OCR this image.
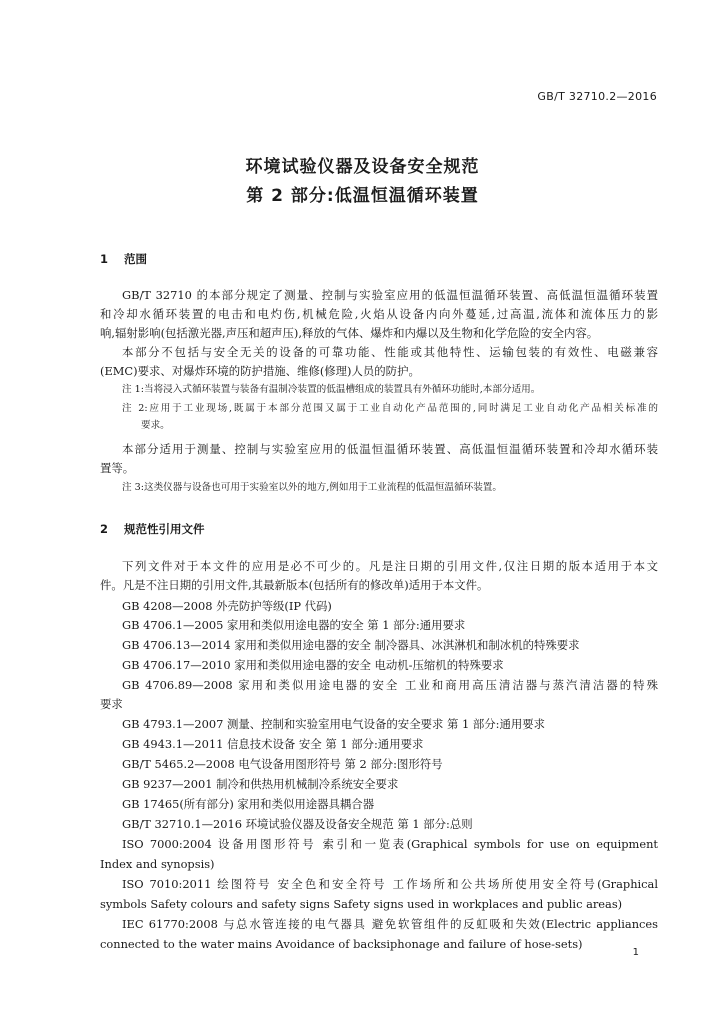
GB/T 32710.2—2016
环境试验仪器及设备安全规范
第 2 部分:低温恒温循环装置
1 范围
GB/T 32710 的本部分规定了测量、控制与实验室应用的低温恒温循环装置、高低温恒温循环装置
和冷却水循环装置的电击和电灼伤,机械危险,火焰从设备内向外蔓延,过高温,流体和流体压力的影
响,辐射影响(包括激光器,声压和超声压),释放的气体、爆炸和内爆以及生物和化学危险的安全内容。
本部分不包括与安全无关的设备的可靠功能、性能或其他特性、运输包装的有效性、电磁兼容
(EMC)要求、对爆炸环境的防护措施、维修(修理)人员的防护。
注 1:当将浸入式循环装置与装备有温制冷装置的低温槽组成的装置具有外循环功能时,本部分适用。
注 2:应用于工业现场,既属于本部分范围又属于工业自动化产品范围的,同时满足工业自动化产品相关标准的
要求。
本部分适用于测量、控制与实验室应用的低温恒温循环装置、高低温恒温循环装置和冷却水循环装
置等。
注 3:这类仪器与设备也可用于实验室以外的地方,例如用于工业流程的低温恒温循环装置。
2 规范性引用文件
下列文件对于本文件的应用是必不可少的。凡是注日期的引用文件,仅注日期的版本适用于本文
件。凡是不注日期的引用文件,其最新版本(包括所有的修改单)适用于本文件。
GB 4208—2008 外壳防护等级(IP 代码)
GB 4706.1—2005 家用和类似用途电器的安全 第 1 部分:通用要求
GB 4706.13—2014 家用和类似用途电器的安全 制冷器具、冰淇淋机和制冰机的特殊要求
GB 4706.17—2010 家用和类似用途电器的安全 电动机-压缩机的特殊要求
GB 4706.89—2008 家用和类似用途电器的安全 工业和商用高压清洁器与蒸汽清洁器的特殊
要求
GB 4793.1—2007 测量、控制和实验室用电气设备的安全要求 第 1 部分:通用要求
GB 4943.1—2011 信息技术设备 安全 第 1 部分:通用要求
GB/T 5465.2—2008 电气设备用图形符号 第 2 部分:图形符号
GB 9237—2001 制冷和供热用机械制冷系统安全要求
GB 17465(所有部分) 家用和类似用途器具耦合器
GB/T 32710.1—2016 环境试验仪器及设备安全规范 第 1 部分:总则
ISO 7000:2004 设备用图形符号 索引和一览表(Graphical symbols for use on equipment
Index and synopsis)
ISO 7010:2011 绘图符号 安全色和安全符号 工作场所和公共场所使用安全符号(Graphical
symbols Safety colours and safety signs Safety signs used in workplaces and public areas)
IEC 61770:2008 与总水管连接的电气器具 避免软管组件的反虹吸和失效(Electric appliances
connected to the water mains Avoidance of backsiphonage and failure of hose-sets)
1
